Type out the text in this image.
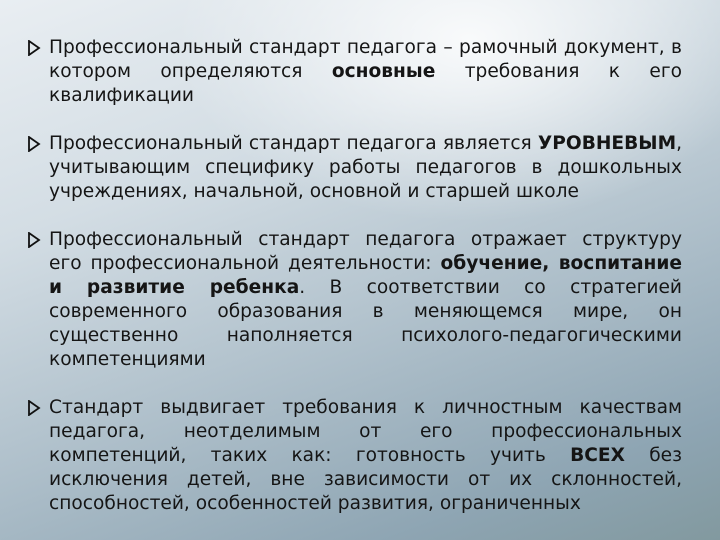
Профессиональный стандарт педагога – рамочный документ, в котором определяются основные требования к его квалификации
Профессиональный стандарт педагога является УРОВНЕВЫМ, учитывающим специфику работы педагогов в дошкольных учреждениях, начальной, основной и старшей школе
Профессиональный стандарт педагога отражает структуру его профессиональной деятельности: обучение, воспитание и развитие ребенка. В соответствии со стратегией современного образования в меняющемся мире, он существенно наполняется психолого-педагогическими компетенциями
Стандарт выдвигает требования к личностным качествам педагога, неотделимым от его профессиональных компетенций, таких как: готовность учить ВСЕХ без исключения детей, вне зависимости от их склонностей, способностей, особенностей развития, ограниченных
